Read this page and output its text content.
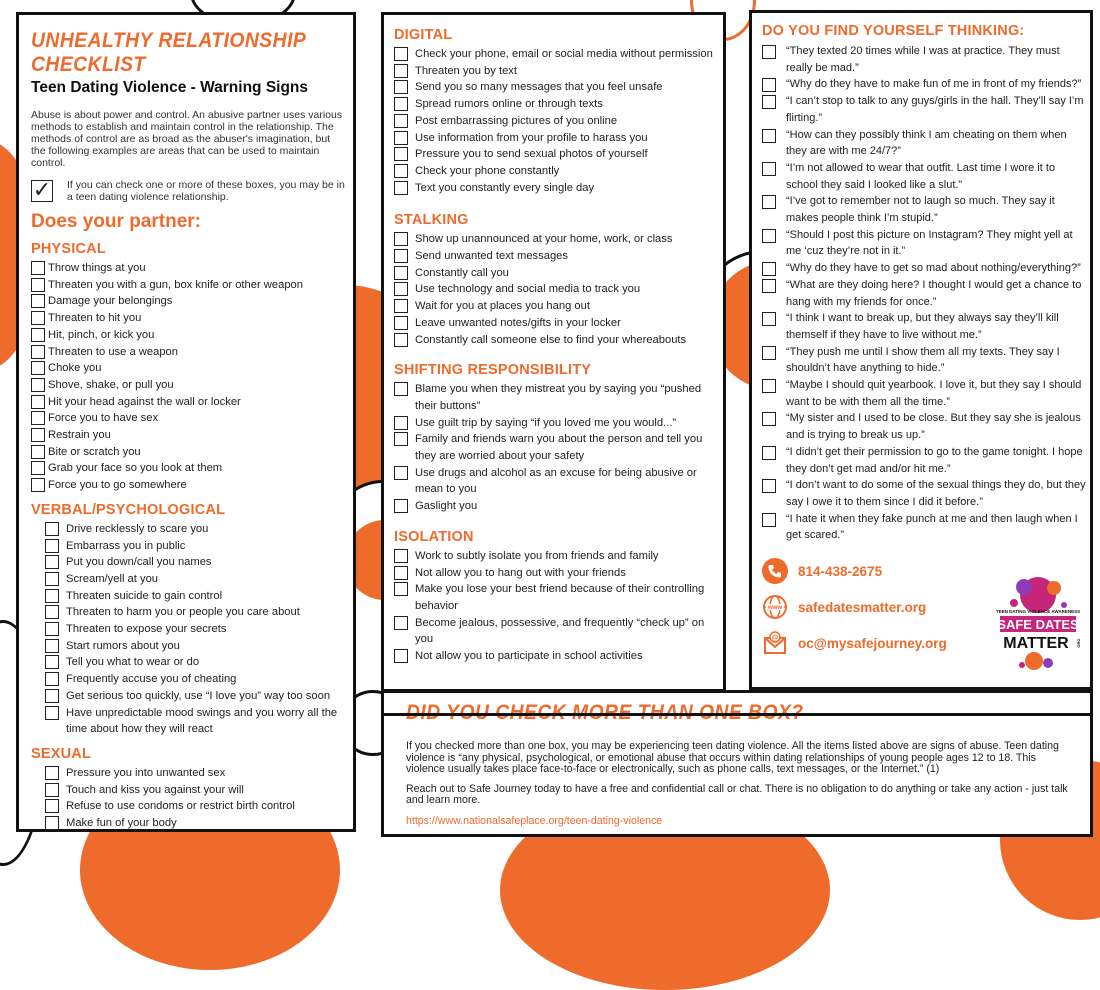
UNHEALTHY RELATIONSHIP CHECKLIST
Teen Dating Violence - Warning Signs
Abuse is about power and control. An abusive partner uses various methods to establish and maintain control in the relationship. The methods of control are as broad as the abuser's imagination, but the following examples are areas that can be used to maintain control.
✓ If you can check one or more of these boxes, you may be in a teen dating violence relationship.
Does your partner:
PHYSICAL
Throw things at you
Threaten you with a gun, box knife or other weapon
Damage your belongings
Threaten to hit you
Hit, pinch, or kick you
Threaten to use a weapon
Choke you
Shove, shake, or pull you
Hit your head against the wall or locker
Force you to have sex
Restrain you
Bite or scratch you
Grab your face so you look at them
Force you to go somewhere
VERBAL/PSYCHOLOGICAL
Drive recklessly to scare you
Embarrass you in public
Put you down/call you names
Scream/yell at you
Threaten suicide to gain control
Threaten to harm you or people you care about
Threaten to expose your secrets
Start rumors about you
Tell you what to wear or do
Frequently accuse you of cheating
Get serious too quickly, use “I love you” way too soon
Have unpredictable mood swings and you worry all the time about how they will react
SEXUAL
Pressure you into unwanted sex
Touch and kiss you against your will
Refuse to use condoms or restrict birth control
Make fun of your body
DIGITAL
Check your phone, email or social media without permission
Threaten you by text
Send you so many messages that you feel unsafe
Spread rumors online or through texts
Post embarrassing pictures of you online
Use information from your profile to harass you
Pressure you to send sexual photos of yourself
Check your phone constantly
Text you constantly every single day
STALKING
Show up unannounced at your home, work, or class
Send unwanted text messages
Constantly call you
Use technology and social media to track you
Wait for you at places you hang out
Leave unwanted notes/gifts in your locker
Constantly call someone else to find your whereabouts
SHIFTING RESPONSIBILITY
Blame you when they mistreat you by saying you “pushed their buttons”
Use guilt trip by saying “if you loved me you would...”
Family and friends warn you about the person and tell you they are worried about your safety
Use drugs and alcohol as an excuse for being abusive or mean to you
Gaslight you
ISOLATION
Work to subtly isolate you from friends and family
Not allow you to hang out with your friends
Make you lose your best friend because of their controlling behavior
Become jealous, possessive, and frequently “check up” on you
Not allow you to participate in school activities
DO YOU FIND YOURSELF THINKING:
“They texted 20 times while I was at practice. They must really be mad.”
“Why do they have to make fun of me in front of my friends?”
“I can’t stop to talk to any guys/girls in the hall. They’ll say I’m flirting.”
“How can they possibly think I am cheating on them when they are with me 24/7?”
“I’m not allowed to wear that outfit. Last time I wore it to school they said I looked like a slut.”
“I’ve got to remember not to laugh so much. They say it makes people think I’m stupid.”
“Should I post this picture on Instagram? They might yell at me ‘cuz they’re not in it.”
“Why do they have to get so mad about nothing/everything?”
“What are they doing here? I thought I would get a chance to hang with my friends for once.”
“I think I want to break up, but they always say they’ll kill themself if they have to live without me.”
“They push me until I show them all my texts. They say I shouldn’t have anything to hide.”
“Maybe I should quit yearbook. I love it, but they say I should want to be with them all the time.”
“My sister and I used to be close. But they say she is jealous and is trying to break us up.”
“I didn’t get their permission to go to the game tonight. I hope they don’t get mad and/or hit me.”
“I don’t want to do some of the sexual things they do, but they say I owe it to them since I did it before.”
“I hate it when they fake punch at me and then laugh when I get scared.”
814-438-2675
www safedatesmatter.org
@ oc@mysafejourney.org
TEEN DATING VIOLENCE AWARENESS
SAFE DATES
MATTER ORG

If you checked more than one box, you may be experiencing teen dating violence. All the items listed above are signs of abuse. Teen dating violence is “any physical, psychological, or emotional abuse that occurs within dating relationships of young people ages 12 to 18. This violence usually takes place face-to-face or electronically, such as phone calls, text messages, or the Internet.” (1)

Reach out to Safe Journey today to have a free and confidential call or chat. There is no obligation to do anything or take any action - just talk and learn more.

https://www.nationalsafeplace.org/teen-dating-violence
